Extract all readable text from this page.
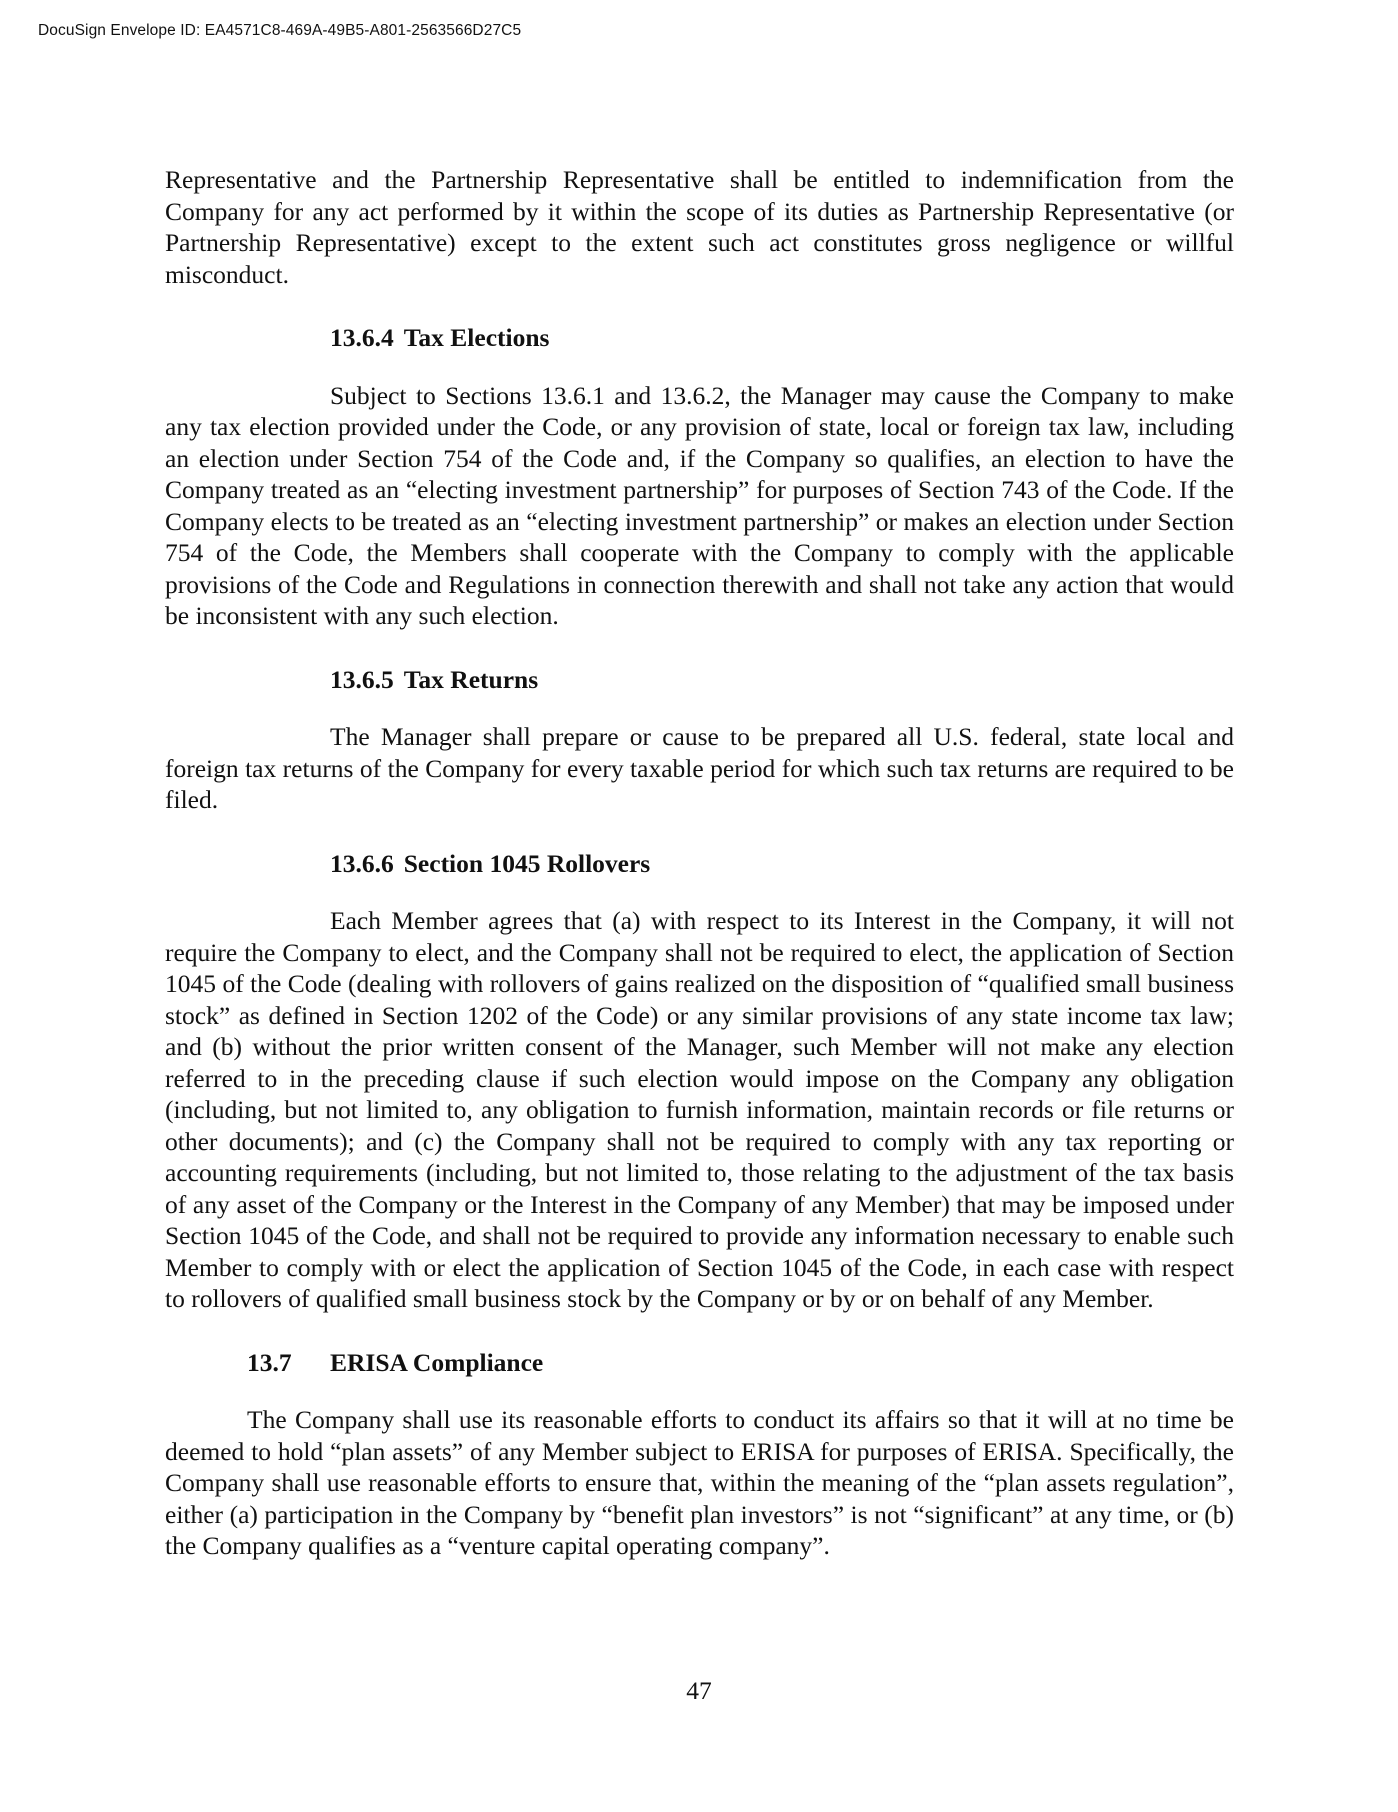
DocuSign Envelope ID: EA4571C8-469A-49B5-A801-2563566D27C5

Representative and the Partnership Representative shall be entitled to indemnification from the Company for any act performed by it within the scope of its duties as Partnership Representative (or Partnership Representative) except to the extent such act constitutes gross negligence or willful misconduct.

13.6.4 Tax Elections

Subject to Sections 13.6.1 and 13.6.2, the Manager may cause the Company to make any tax election provided under the Code, or any provision of state, local or foreign tax law, including an election under Section 754 of the Code and, if the Company so qualifies, an election to have the Company treated as an “electing investment partnership” for purposes of Section 743 of the Code. If the Company elects to be treated as an “electing investment partnership” or makes an election under Section 754 of the Code, the Members shall cooperate with the Company to comply with the applicable provisions of the Code and Regulations in connection therewith and shall not take any action that would be inconsistent with any such election.

13.6.5 Tax Returns

The Manager shall prepare or cause to be prepared all U.S. federal, state local and foreign tax returns of the Company for every taxable period for which such tax returns are required to be filed.

13.6.6 Section 1045 Rollovers

Each Member agrees that (a) with respect to its Interest in the Company, it will not require the Company to elect, and the Company shall not be required to elect, the application of Section 1045 of the Code (dealing with rollovers of gains realized on the disposition of “qualified small business stock” as defined in Section 1202 of the Code) or any similar provisions of any state income tax law; and (b) without the prior written consent of the Manager, such Member will not make any election referred to in the preceding clause if such election would impose on the Company any obligation (including, but not limited to, any obligation to furnish information, maintain records or file returns or other documents); and (c) the Company shall not be required to comply with any tax reporting or accounting requirements (including, but not limited to, those relating to the adjustment of the tax basis of any asset of the Company or the Interest in the Company of any Member) that may be imposed under Section 1045 of the Code, and shall not be required to provide any information necessary to enable such Member to comply with or elect the application of Section 1045 of the Code, in each case with respect to rollovers of qualified small business stock by the Company or by or on behalf of any Member.

13.7 ERISA Compliance

The Company shall use its reasonable efforts to conduct its affairs so that it will at no time be deemed to hold “plan assets” of any Member subject to ERISA for purposes of ERISA. Specifically, the Company shall use reasonable efforts to ensure that, within the meaning of the “plan assets regulation”, either (a) participation in the Company by “benefit plan investors” is not “significant” at any time, or (b) the Company qualifies as a “venture capital operating company”.

47
